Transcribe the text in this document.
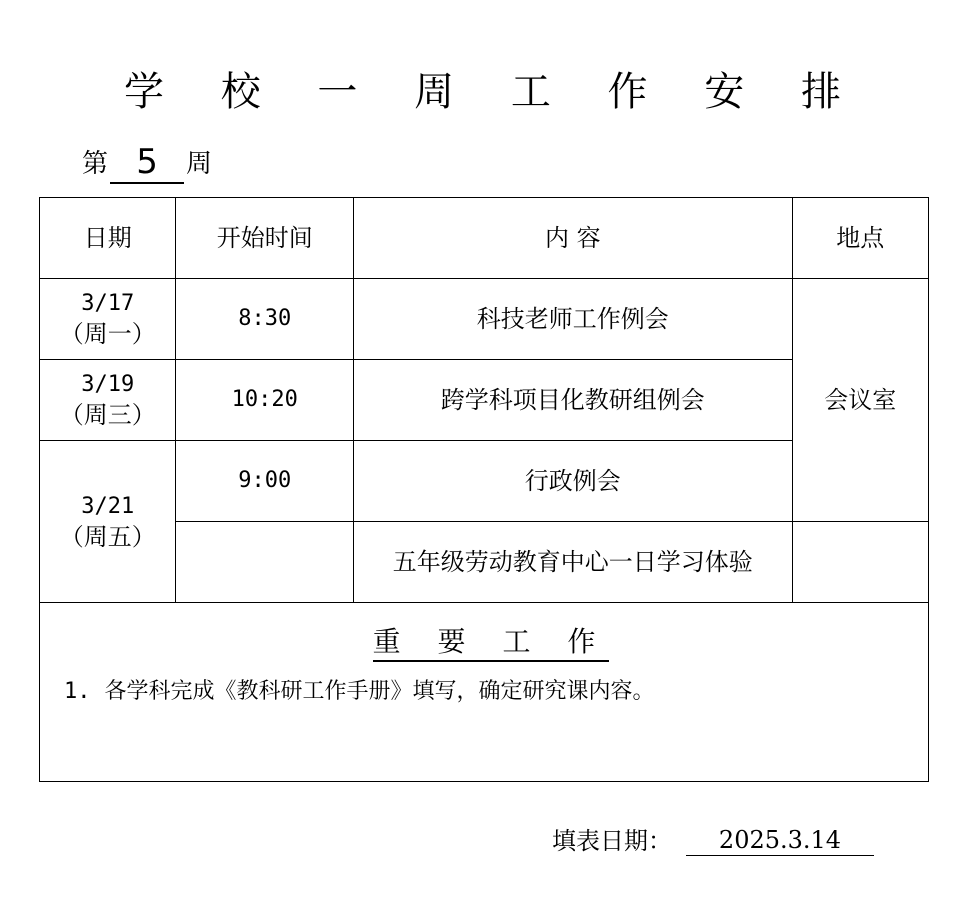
学 校 一 周 工 作 安 排
第 5	周
日期	开始时间	内 容	地点

3/17
（周一）	8:30	科技老师工作例会	会议室

3/19
（周三）	10:20	跨学科项目化教研组例会	

3/21
（周五）	9:00	行政例会	
		五年级劳动教育中心一日学习体验	

重 要 工 作
1. 各学科完成《教科研工作手册》填写，确定研究课内容。			
填表日期：	2025.3.14
